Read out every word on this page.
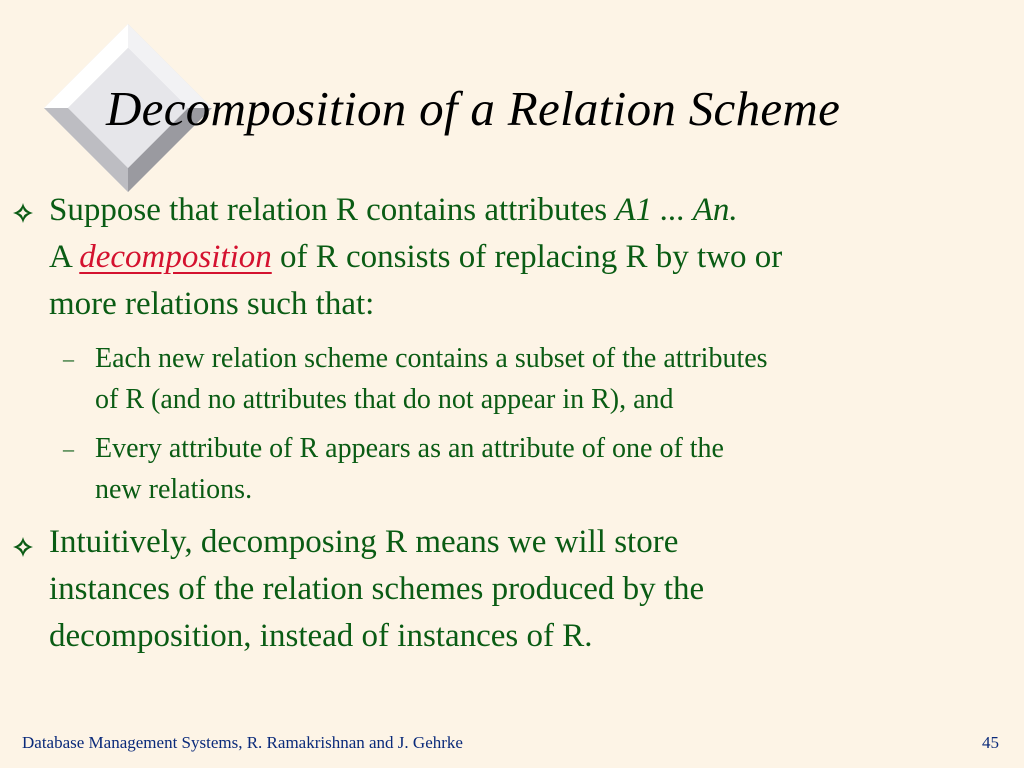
Decomposition of a Relation Scheme
Suppose that relation R contains attributes A1 ... An.
A decomposition of R consists of replacing R by two or
more relations such that:
– Each new relation scheme contains a subset of the attributes
of R (and no attributes that do not appear in R), and
– Every attribute of R appears as an attribute of one of the
new relations.
Intuitively, decomposing R means we will store
instances of the relation schemes produced by the
decomposition, instead of instances of R.
Database Management Systems, R. Ramakrishnan and J. Gehrke	45
